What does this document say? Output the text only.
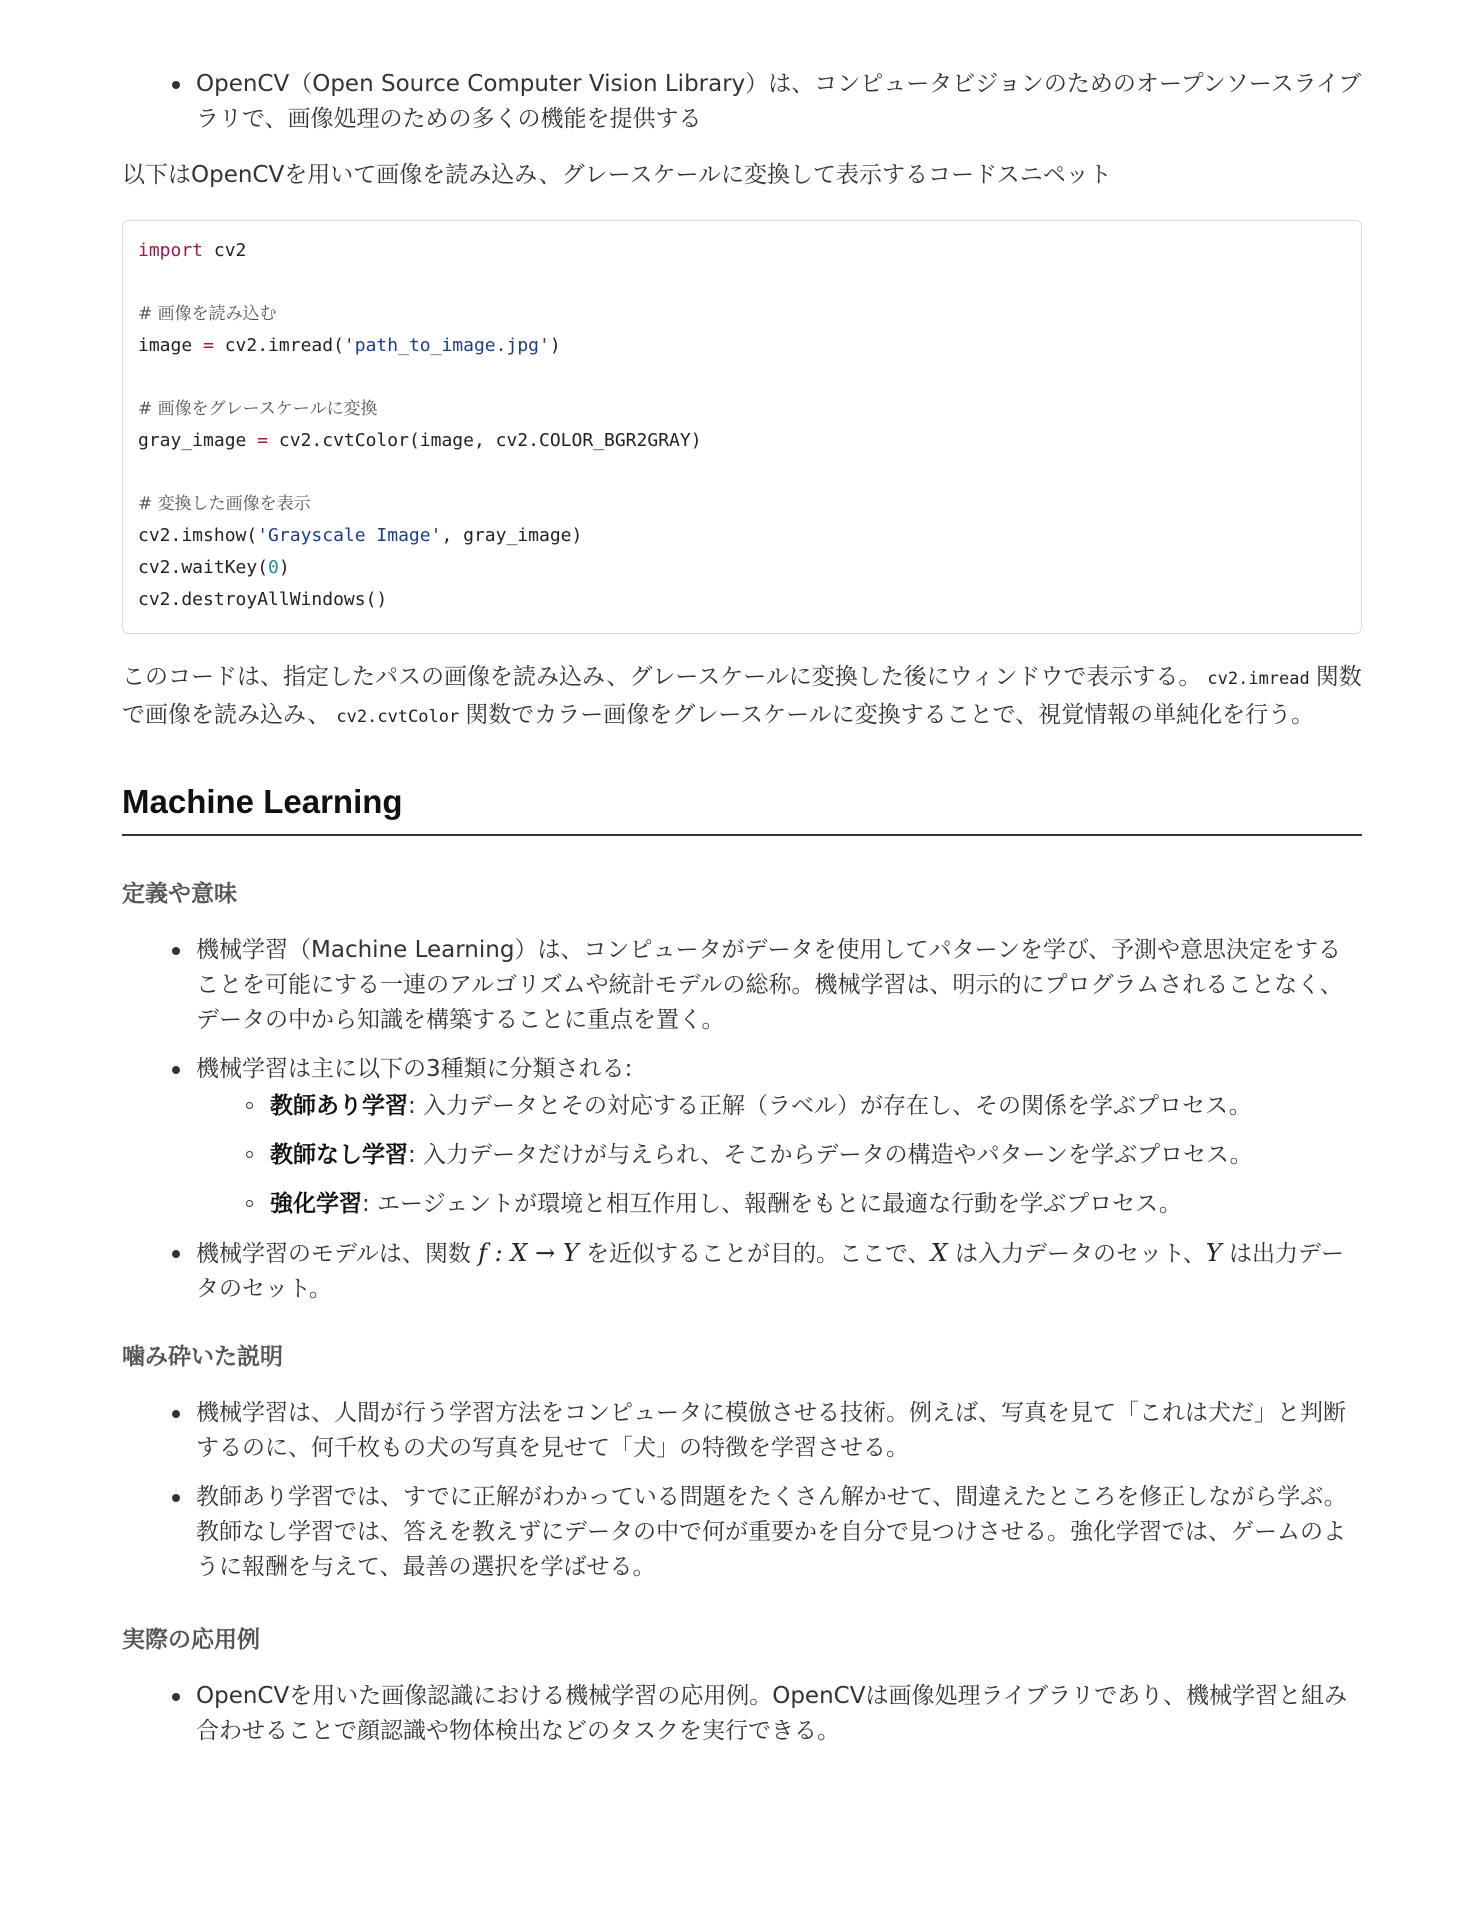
OpenCV（Open Source Computer Vision Library）は、コンピュータビジョンのためのオープンソースライブラリで、画像処理のための多くの機能を提供する
以下はOpenCVを用いて画像を読み込み、グレースケールに変換して表示するコードスニペット
import cv2
# 画像を読み込む
image = cv2.imread('path_to_image.jpg')
# 画像をグレースケールに変換
gray_image = cv2.cvtColor(image, cv2.COLOR_BGR2GRAY)
# 変換した画像を表示
cv2.imshow('Grayscale Image', gray_image)
cv2.waitKey(0)
cv2.destroyAllWindows()
このコードは、指定したパスの画像を読み込み、グレースケールに変換した後にウィンドウで表示する。 cv2.imread 関数で画像を読み込み、 cv2.cvtColor 関数でカラー画像をグレースケールに変換することで、視覚情報の単純化を行う。
Machine Learning
定義や意味
機械学習（Machine Learning）は、コンピュータがデータを使用してパターンを学び、予測や意思決定をすることを可能にする一連のアルゴリズムや統計モデルの総称。機械学習は、明示的にプログラムされることなく、データの中から知識を構築することに重点を置く。
機械学習は主に以下の3種類に分類される:
教師あり学習: 入力データとその対応する正解（ラベル）が存在し、その関係を学ぶプロセス。
教師なし学習: 入力データだけが与えられ、そこからデータの構造やパターンを学ぶプロセス。
強化学習: エージェントが環境と相互作用し、報酬をもとに最適な行動を学ぶプロセス。
機械学習のモデルは、関数 f : X → Y を近似することが目的。ここで、X は入力データのセット、Y は出力データのセット。
噛み砕いた説明
機械学習は、人間が行う学習方法をコンピュータに模倣させる技術。例えば、写真を見て「これは犬だ」と判断するのに、何千枚もの犬の写真を見せて「犬」の特徴を学習させる。
教師あり学習では、すでに正解がわかっている問題をたくさん解かせて、間違えたところを修正しながら学ぶ。教師なし学習では、答えを教えずにデータの中で何が重要かを自分で見つけさせる。強化学習では、ゲームのように報酬を与えて、最善の選択を学ばせる。
実際の応用例
OpenCVを用いた画像認識における機械学習の応用例。OpenCVは画像処理ライブラリであり、機械学習と組み合わせることで顔認識や物体検出などのタスクを実行できる。
